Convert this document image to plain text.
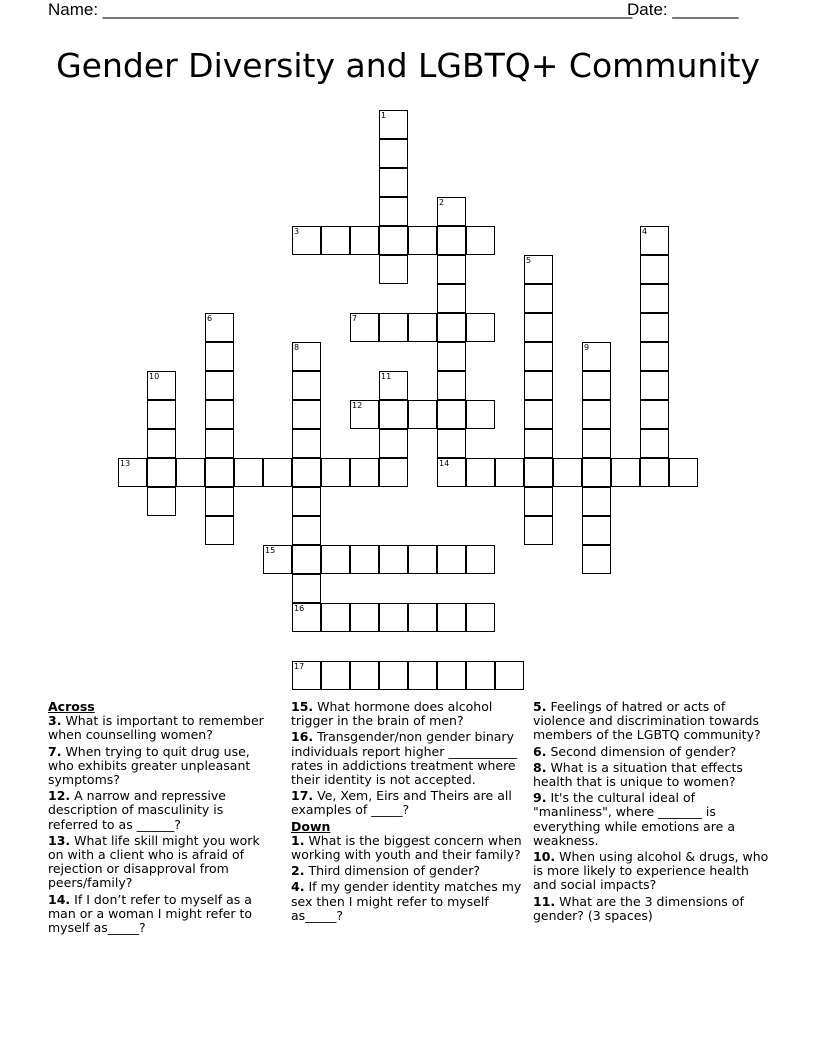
Name: ________________________________________________________
Date: _______
Gender Diversity and LGBTQ+ Community
1
2
14
3	4
5
6	7
8	9
10	11
12
13
15
16
17
Across
3. What is important to remember when counselling women?
7. When trying to quit drug use, who exhibits greater unpleasant symptoms?
12. A narrow and repressive description of masculinity is referred to as ______?
13. What life skill might you work on with a client who is afraid of rejection or disapproval from peers/family?
14. If I don’t refer to myself as a man or a woman I might refer to myself as_____?
15. What hormone does alcohol trigger in the brain of men?
16. Transgender/non gender binary individuals report higher ___________ rates in addictions treatment where their identity is not accepted.
17. Ve, Xem, Eirs and Theirs are all examples of _____?
Down
1. What is the biggest concern when working with youth and their family?
2. Third dimension of gender?
4. If my gender identity matches my sex then I might refer to myself as_____?
5. Feelings of hatred or acts of violence and discrimination towards members of the LGBTQ community?
6. Second dimension of gender?
8. What is a situation that effects health that is unique to women?
9. It's the cultural ideal of "manliness", where _______ is everything while emotions are a weakness.
10. When using alcohol & drugs, who is more likely to experience health and social impacts?
11. What are the 3 dimensions of gender? (3 spaces)
